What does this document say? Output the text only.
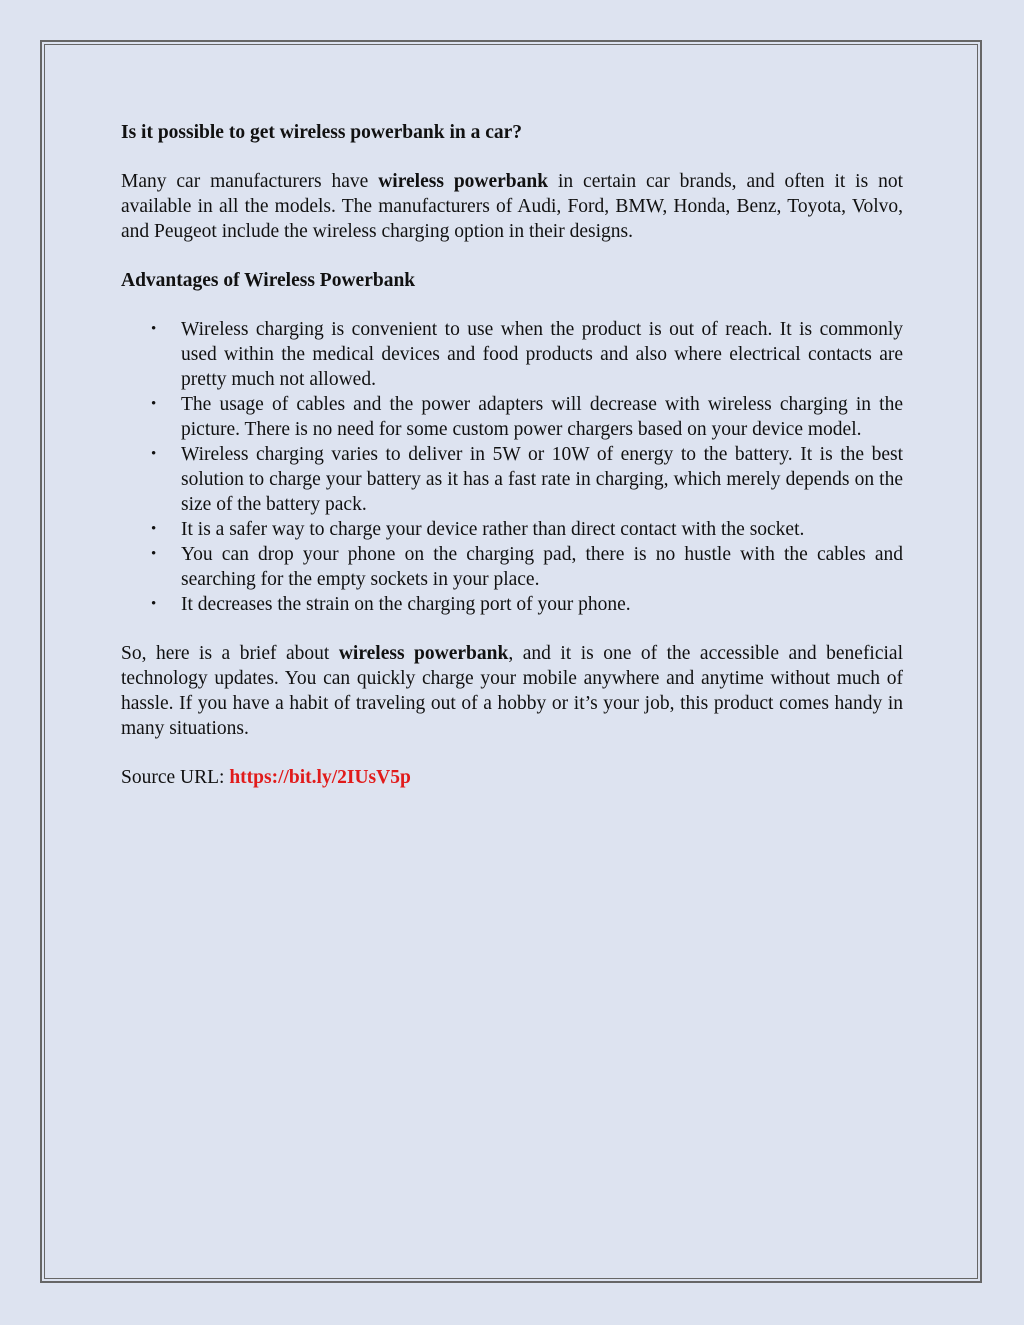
Is it possible to get wireless powerbank in a car?

Many car manufacturers have wireless powerbank in certain car brands, and often it is not available in all the models. The manufacturers of Audi, Ford, BMW, Honda, Benz, Toyota, Volvo, and Peugeot include the wireless charging option in their designs.

Advantages of Wireless Powerbank

• Wireless charging is convenient to use when the product is out of reach. It is commonly used within the medical devices and food products and also where electrical contacts are pretty much not allowed.
• The usage of cables and the power adapters will decrease with wireless charging in the picture. There is no need for some custom power chargers based on your device model.
• Wireless charging varies to deliver in 5W or 10W of energy to the battery. It is the best solution to charge your battery as it has a fast rate in charging, which merely depends on the size of the battery pack.
• It is a safer way to charge your device rather than direct contact with the socket.
• You can drop your phone on the charging pad, there is no hustle with the cables and searching for the empty sockets in your place.
• It decreases the strain on the charging port of your phone.

So, here is a brief about wireless powerbank, and it is one of the accessible and beneficial technology updates. You can quickly charge your mobile anywhere and anytime without much of hassle. If you have a habit of traveling out of a hobby or it’s your job, this product comes handy in many situations.

Source URL: https://bit.ly/2IUsV5p
